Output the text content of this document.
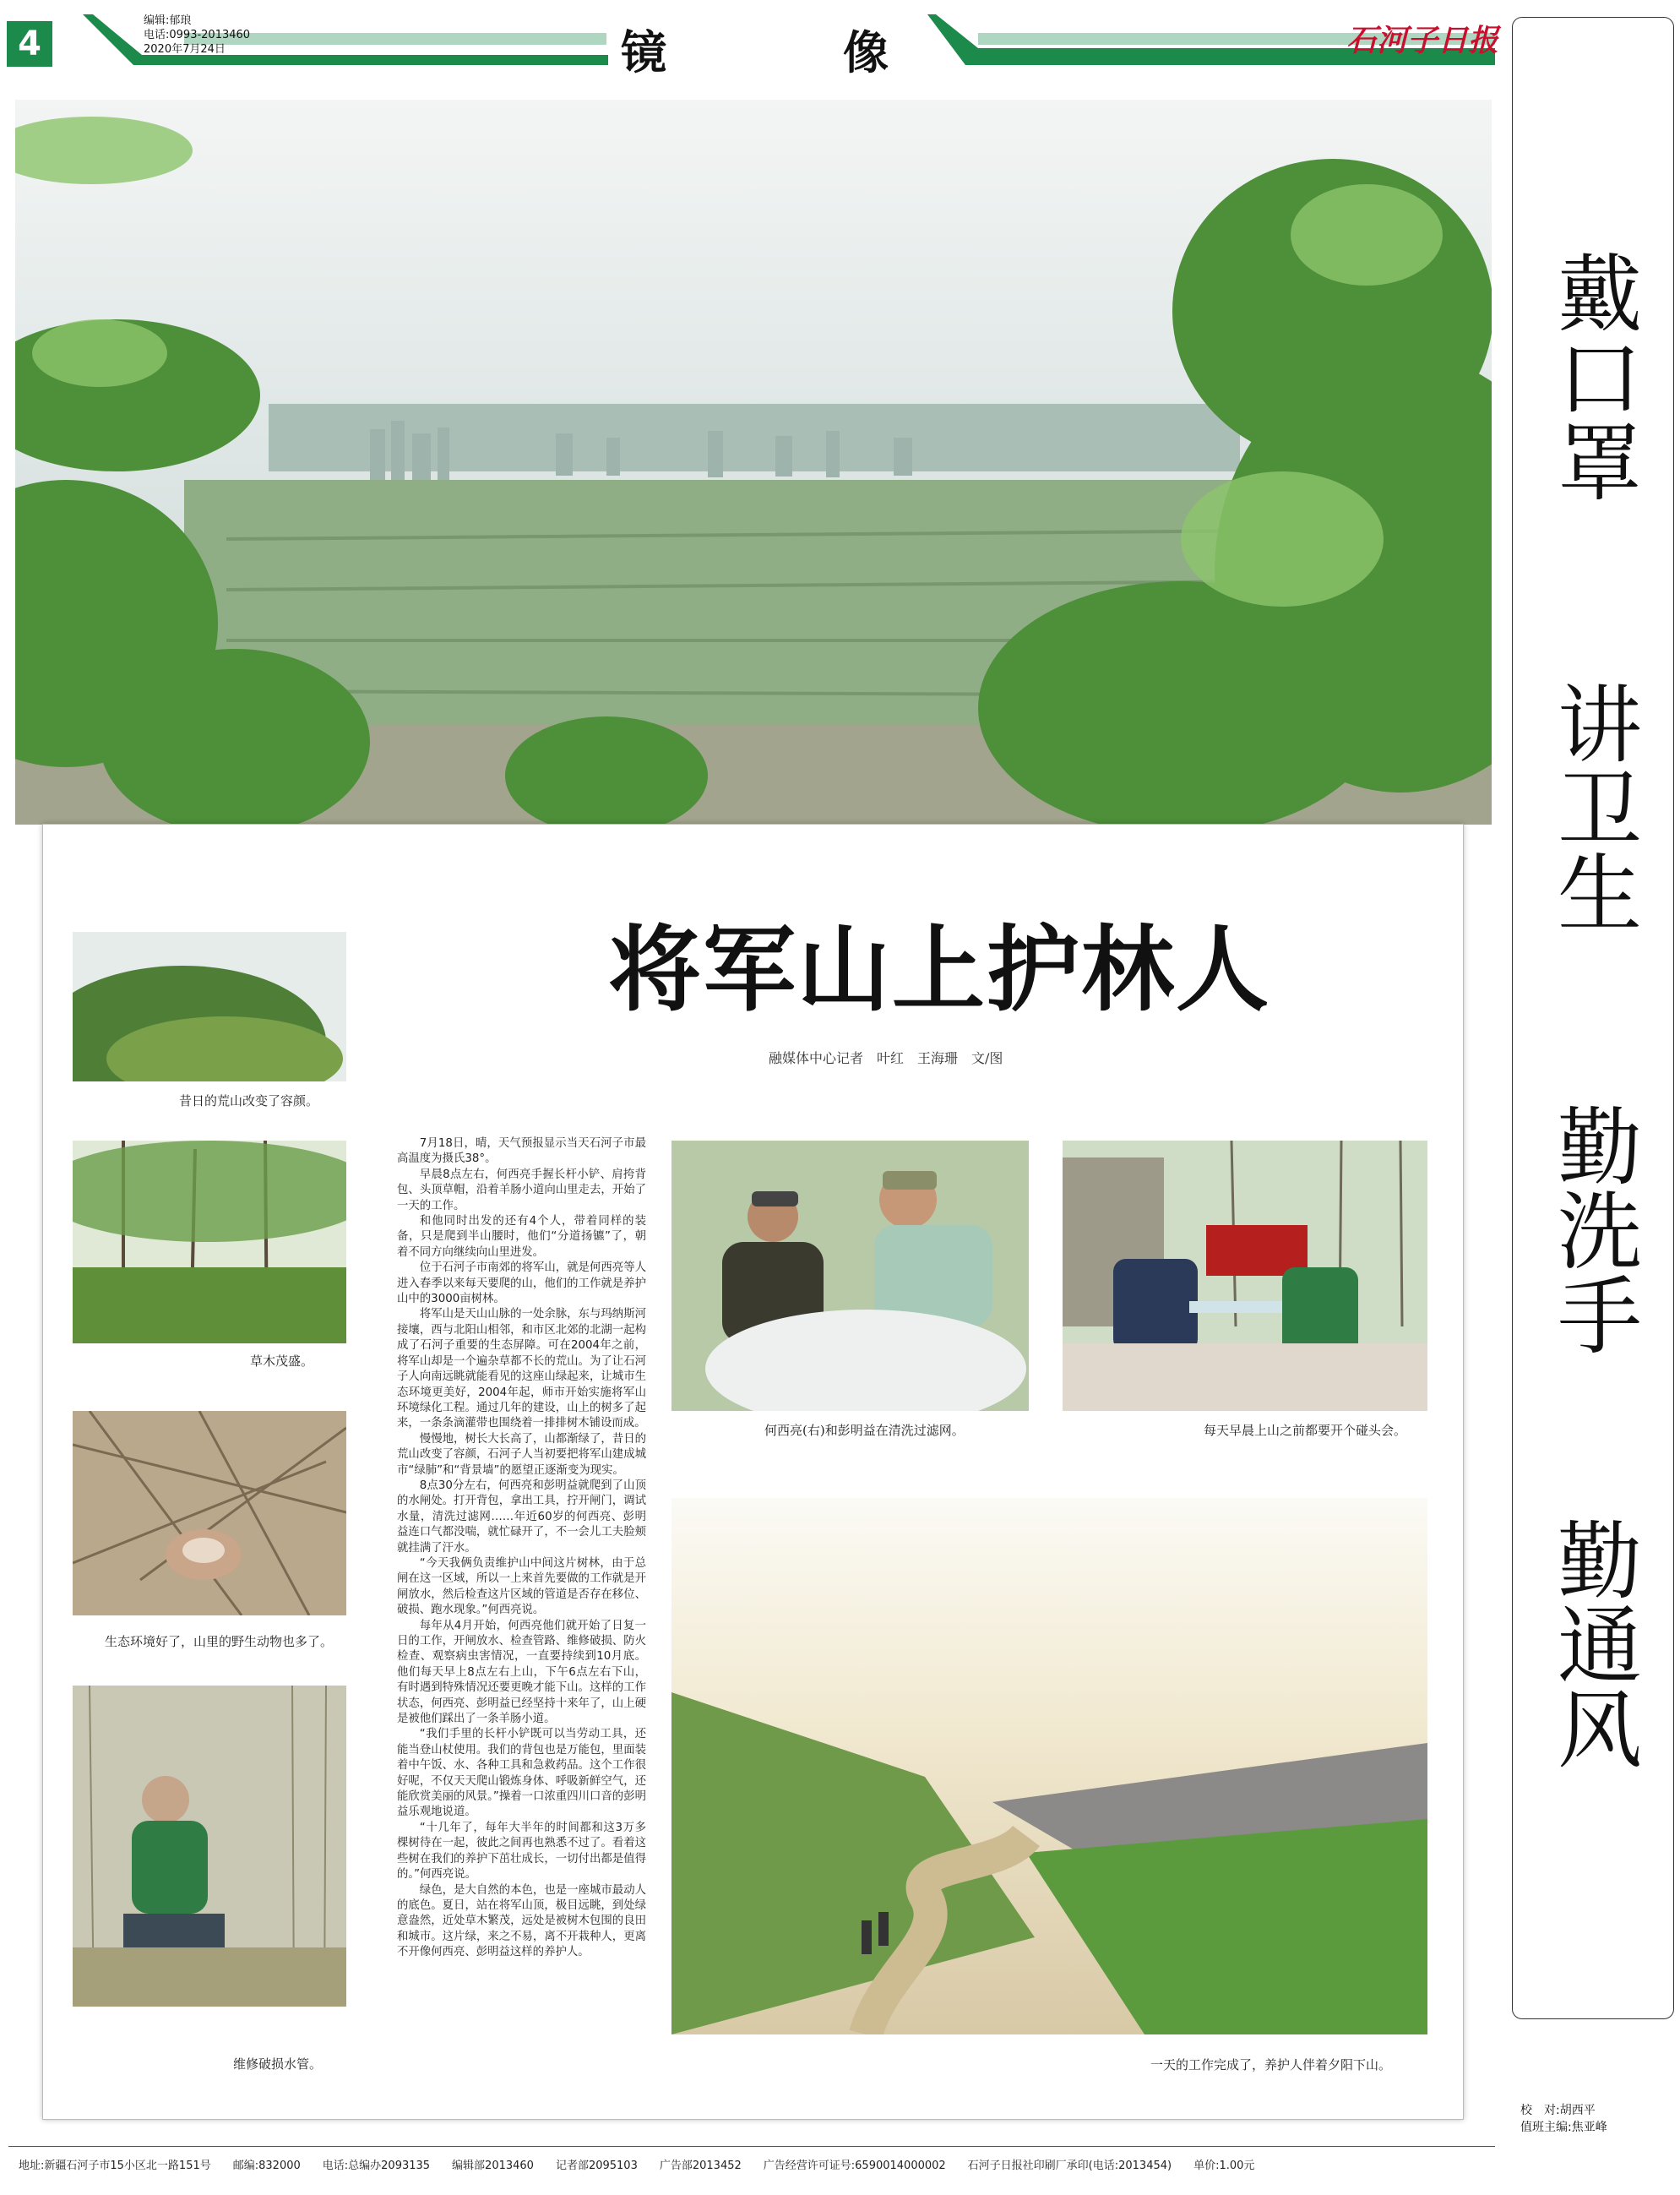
4
编辑:郁琅
电话:0993-2013460
2020年7月24日	镜	像	石河子日报
将军山上护林人
融媒体中心记者　叶红　王海珊　文/图
昔日的荒山改变了容颜。
草木茂盛。
生态环境好了，山里的野生动物也多了。
维修破损水管。

7月18日，晴，天气预报显示当天石河子市最高温度为摄氏38°。

早晨8点左右，何西亮手握长杆小铲、肩挎背包、头顶草帽，沿着羊肠小道向山里走去，开始了一天的工作。

和他同时出发的还有4个人，带着同样的装备，只是爬到半山腰时，他们“分道扬镳”了，朝着不同方向继续向山里进发。

位于石河子市南郊的将军山，就是何西亮等人进入春季以来每天要爬的山，他们的工作就是养护山中的3000亩树林。

将军山是天山山脉的一处余脉，东与玛纳斯河接壤，西与北阳山相邻，和市区北郊的北湖一起构成了石河子重要的生态屏障。可在2004年之前，将军山却是一个遍杂草都不长的荒山。为了让石河子人向南远眺就能看见的这座山绿起来，让城市生态环境更美好，2004年起，师市开始实施将军山环境绿化工程。通过几年的建设，山上的树多了起来，一条条滴灌带也围绕着一排排树木铺设而成。

慢慢地，树长大长高了，山都渐绿了，昔日的荒山改变了容颜，石河子人当初要把将军山建成城市“绿肺”和“背景墙”的愿望正逐渐变为现实。

8点30分左右，何西亮和彭明益就爬到了山顶的水闸处。打开背包，拿出工具，拧开闸门，调试水量，清洗过滤网……年近60岁的何西亮、彭明益连口气都没喘，就忙碌开了，不一会儿工夫脸颊就挂满了汗水。

“今天我俩负责维护山中间这片树林，由于总闸在这一区域，所以一上来首先要做的工作就是开闸放水，然后检查这片区域的管道是否存在移位、破损、跑水现象。”何西亮说。

每年从4月开始，何西亮他们就开始了日复一日的工作，开闸放水、检查管路、维修破损、防火检查、观察病虫害情况，一直要持续到10月底。他们每天早上8点左右上山，下午6点左右下山，有时遇到特殊情况还要更晚才能下山。这样的工作状态，何西亮、彭明益已经坚持十来年了，山上硬是被他们踩出了一条羊肠小道。

“我们手里的长杆小铲既可以当劳动工具，还能当登山杖使用。我们的背包也是万能包，里面装着中午饭、水、各种工具和急救药品。这个工作很好呢，不仅天天爬山锻炼身体、呼吸新鲜空气，还能欣赏美丽的风景。”操着一口浓重四川口音的彭明益乐观地说道。

“十几年了，每年大半年的时间都和这3万多棵树待在一起，彼此之间再也熟悉不过了。看着这些树在我们的养护下茁壮成长，一切付出都是值得的。”何西亮说。

绿色，是大自然的本色，也是一座城市最动人的底色。夏日，站在将军山顶，极目远眺，到处绿意盎然，近处草木繁茂，远处是被树木包围的良田和城市。这片绿，来之不易，离不开栽种人，更离不开像何西亮、彭明益这样的养护人。

何西亮(右)和彭明益在清洗过滤网。	每天早晨上山之前都要开个碰头会。
一天的工作完成了，养护人伴着夕阳下山。
戴口罩
讲卫生
勤洗手
勤通风
校　对:胡西平
值班主编:焦亚峰
地址:新疆石河子市15小区北一路151号 邮编:832000 电话:总编办2093135 编辑部2013460 记者部2095103 广告部2013452 广告经营许可证号:6590014000002 石河子日报社印刷厂承印(电话:2013454) 单价:1.00元
